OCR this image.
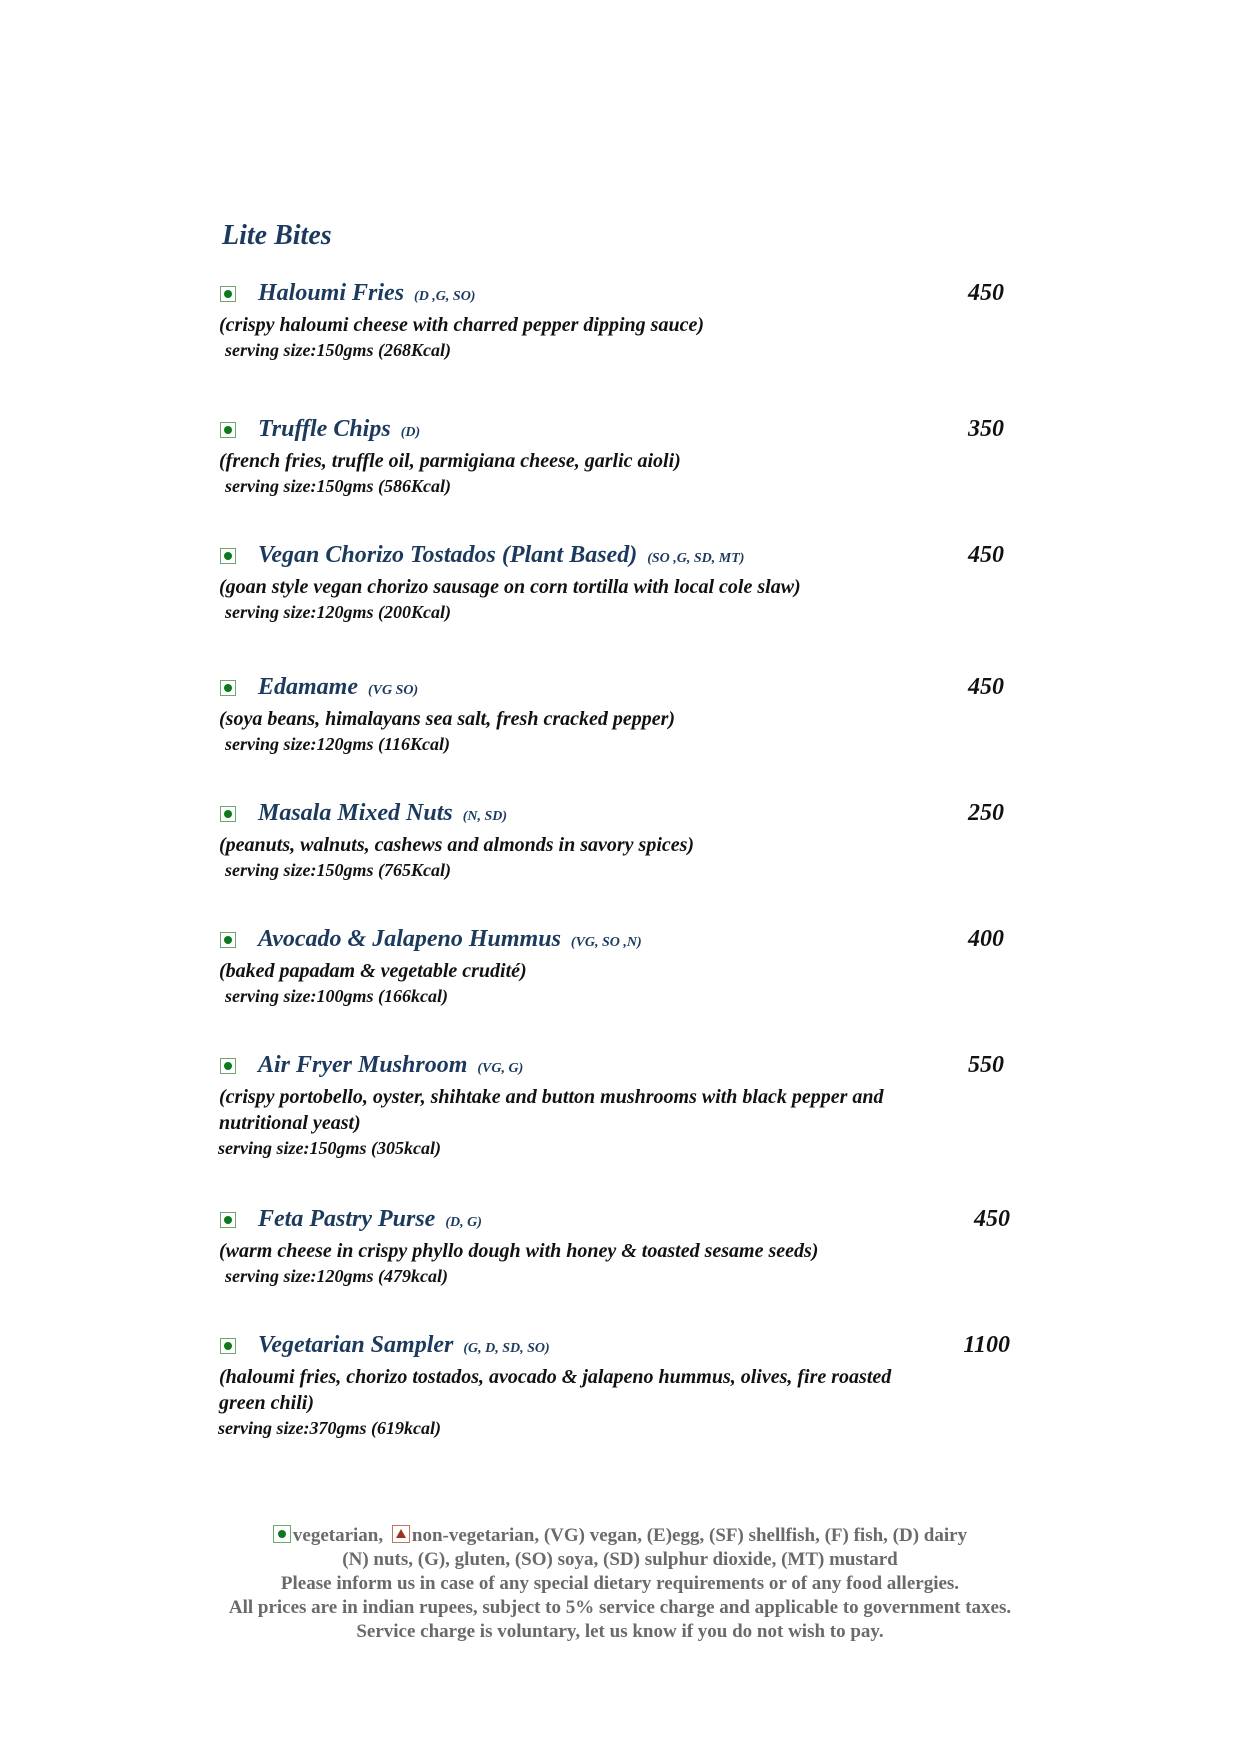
Lite Bites
Haloumi Fries (D ,G, SO)	450

(crispy haloumi cheese with charred pepper dipping sauce)

serving size:150gms (268Kcal)

Truffle Chips (D)	350

(french fries, truffle oil, parmigiana cheese, garlic aioli)

serving size:150gms (586Kcal)

Vegan Chorizo Tostados (Plant Based) (SO ,G, SD, MT)	450

(goan style vegan chorizo sausage on corn tortilla with local cole slaw)

serving size:120gms (200Kcal)

Edamame (VG SO)	450

(soya beans, himalayans sea salt, fresh cracked pepper)

serving size:120gms (116Kcal)

Masala Mixed Nuts (N, SD)	250

(peanuts, walnuts, cashews and almonds in savory spices)

serving size:150gms (765Kcal)

Avocado & Jalapeno Hummus (VG, SO ,N)	400

(baked papadam & vegetable crudité)

serving size:100gms (166kcal)

Air Fryer Mushroom (VG, G)	550

(crispy portobello, oyster, shihtake and button mushrooms with black pepper and nutritional yeast)

serving size:150gms (305kcal)

Feta Pastry Purse (D, G)	450

(warm cheese in crispy phyllo dough with honey & toasted sesame seeds)

serving size:120gms (479kcal)

Vegetarian Sampler (G, D, SD, SO)	1100

(haloumi fries, chorizo tostados, avocado & jalapeno hummus, olives, fire roasted green chili)

serving size:370gms (619kcal)

vegetarian, non-vegetarian, (VG) vegan, (E)egg, (SF) shellfish, (F) fish, (D) dairy

(N) nuts, (G), gluten, (SO) soya, (SD) sulphur dioxide, (MT) mustard

Please inform us in case of any special dietary requirements or of any food allergies.

All prices are in indian rupees, subject to 5% service charge and applicable to government taxes.

Service charge is voluntary, let us know if you do not wish to pay.
